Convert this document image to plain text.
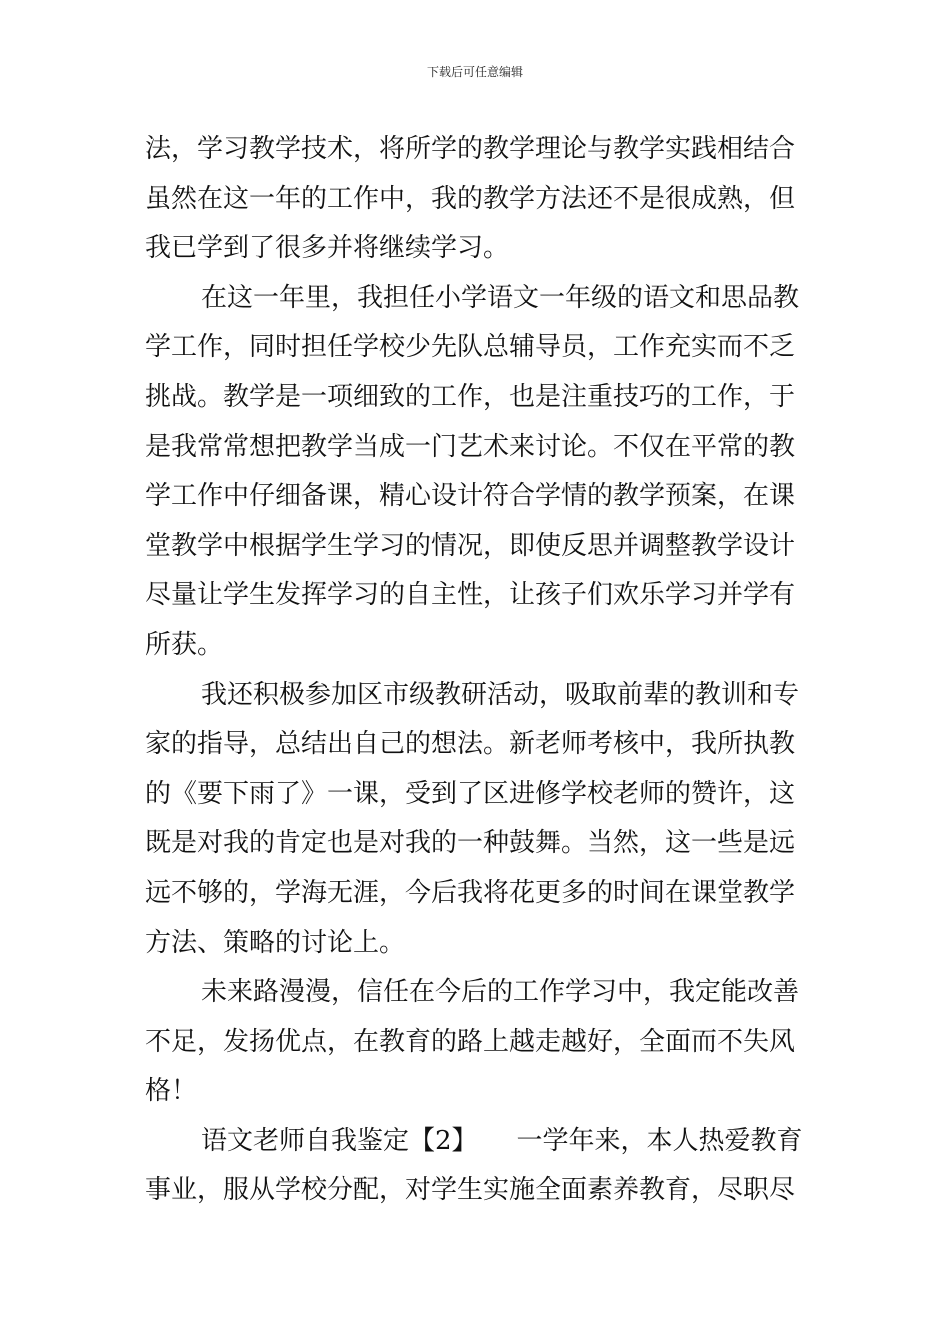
下载后可任意编辑
法，学习教学技术，将所学的教学理论与教学实践相结合
虽然在这一年的工作中，我的教学方法还不是很成熟，但
我已学到了很多并将继续学习。
在这一年里，我担任小学语文一年级的语文和思品教
学工作，同时担任学校少先队总辅导员，工作充实而不乏
挑战。教学是一项细致的工作，也是注重技巧的工作，于
是我常常想把教学当成一门艺术来讨论。不仅在平常的教
学工作中仔细备课，精心设计符合学情的教学预案，在课
堂教学中根据学生学习的情况，即使反思并调整教学设计
尽量让学生发挥学习的自主性，让孩子们欢乐学习并学有
所获。
我还积极参加区市级教研活动，吸取前辈的教训和专
家的指导，总结出自己的想法。新老师考核中，我所执教
的《要下雨了》一课，受到了区进修学校老师的赞许，这
既是对我的肯定也是对我的一种鼓舞。当然，这一些是远
远不够的，学海无涯，今后我将花更多的时间在课堂教学
方法、策略的讨论上。
未来路漫漫，信任在今后的工作学习中，我定能改善
不足，发扬优点，在教育的路上越走越好，全面而不失风
格！
语文老师自我鉴定【2】　　一学年来，本人热爱教育
事业，服从学校分配，对学生实施全面素养教育，尽职尽
